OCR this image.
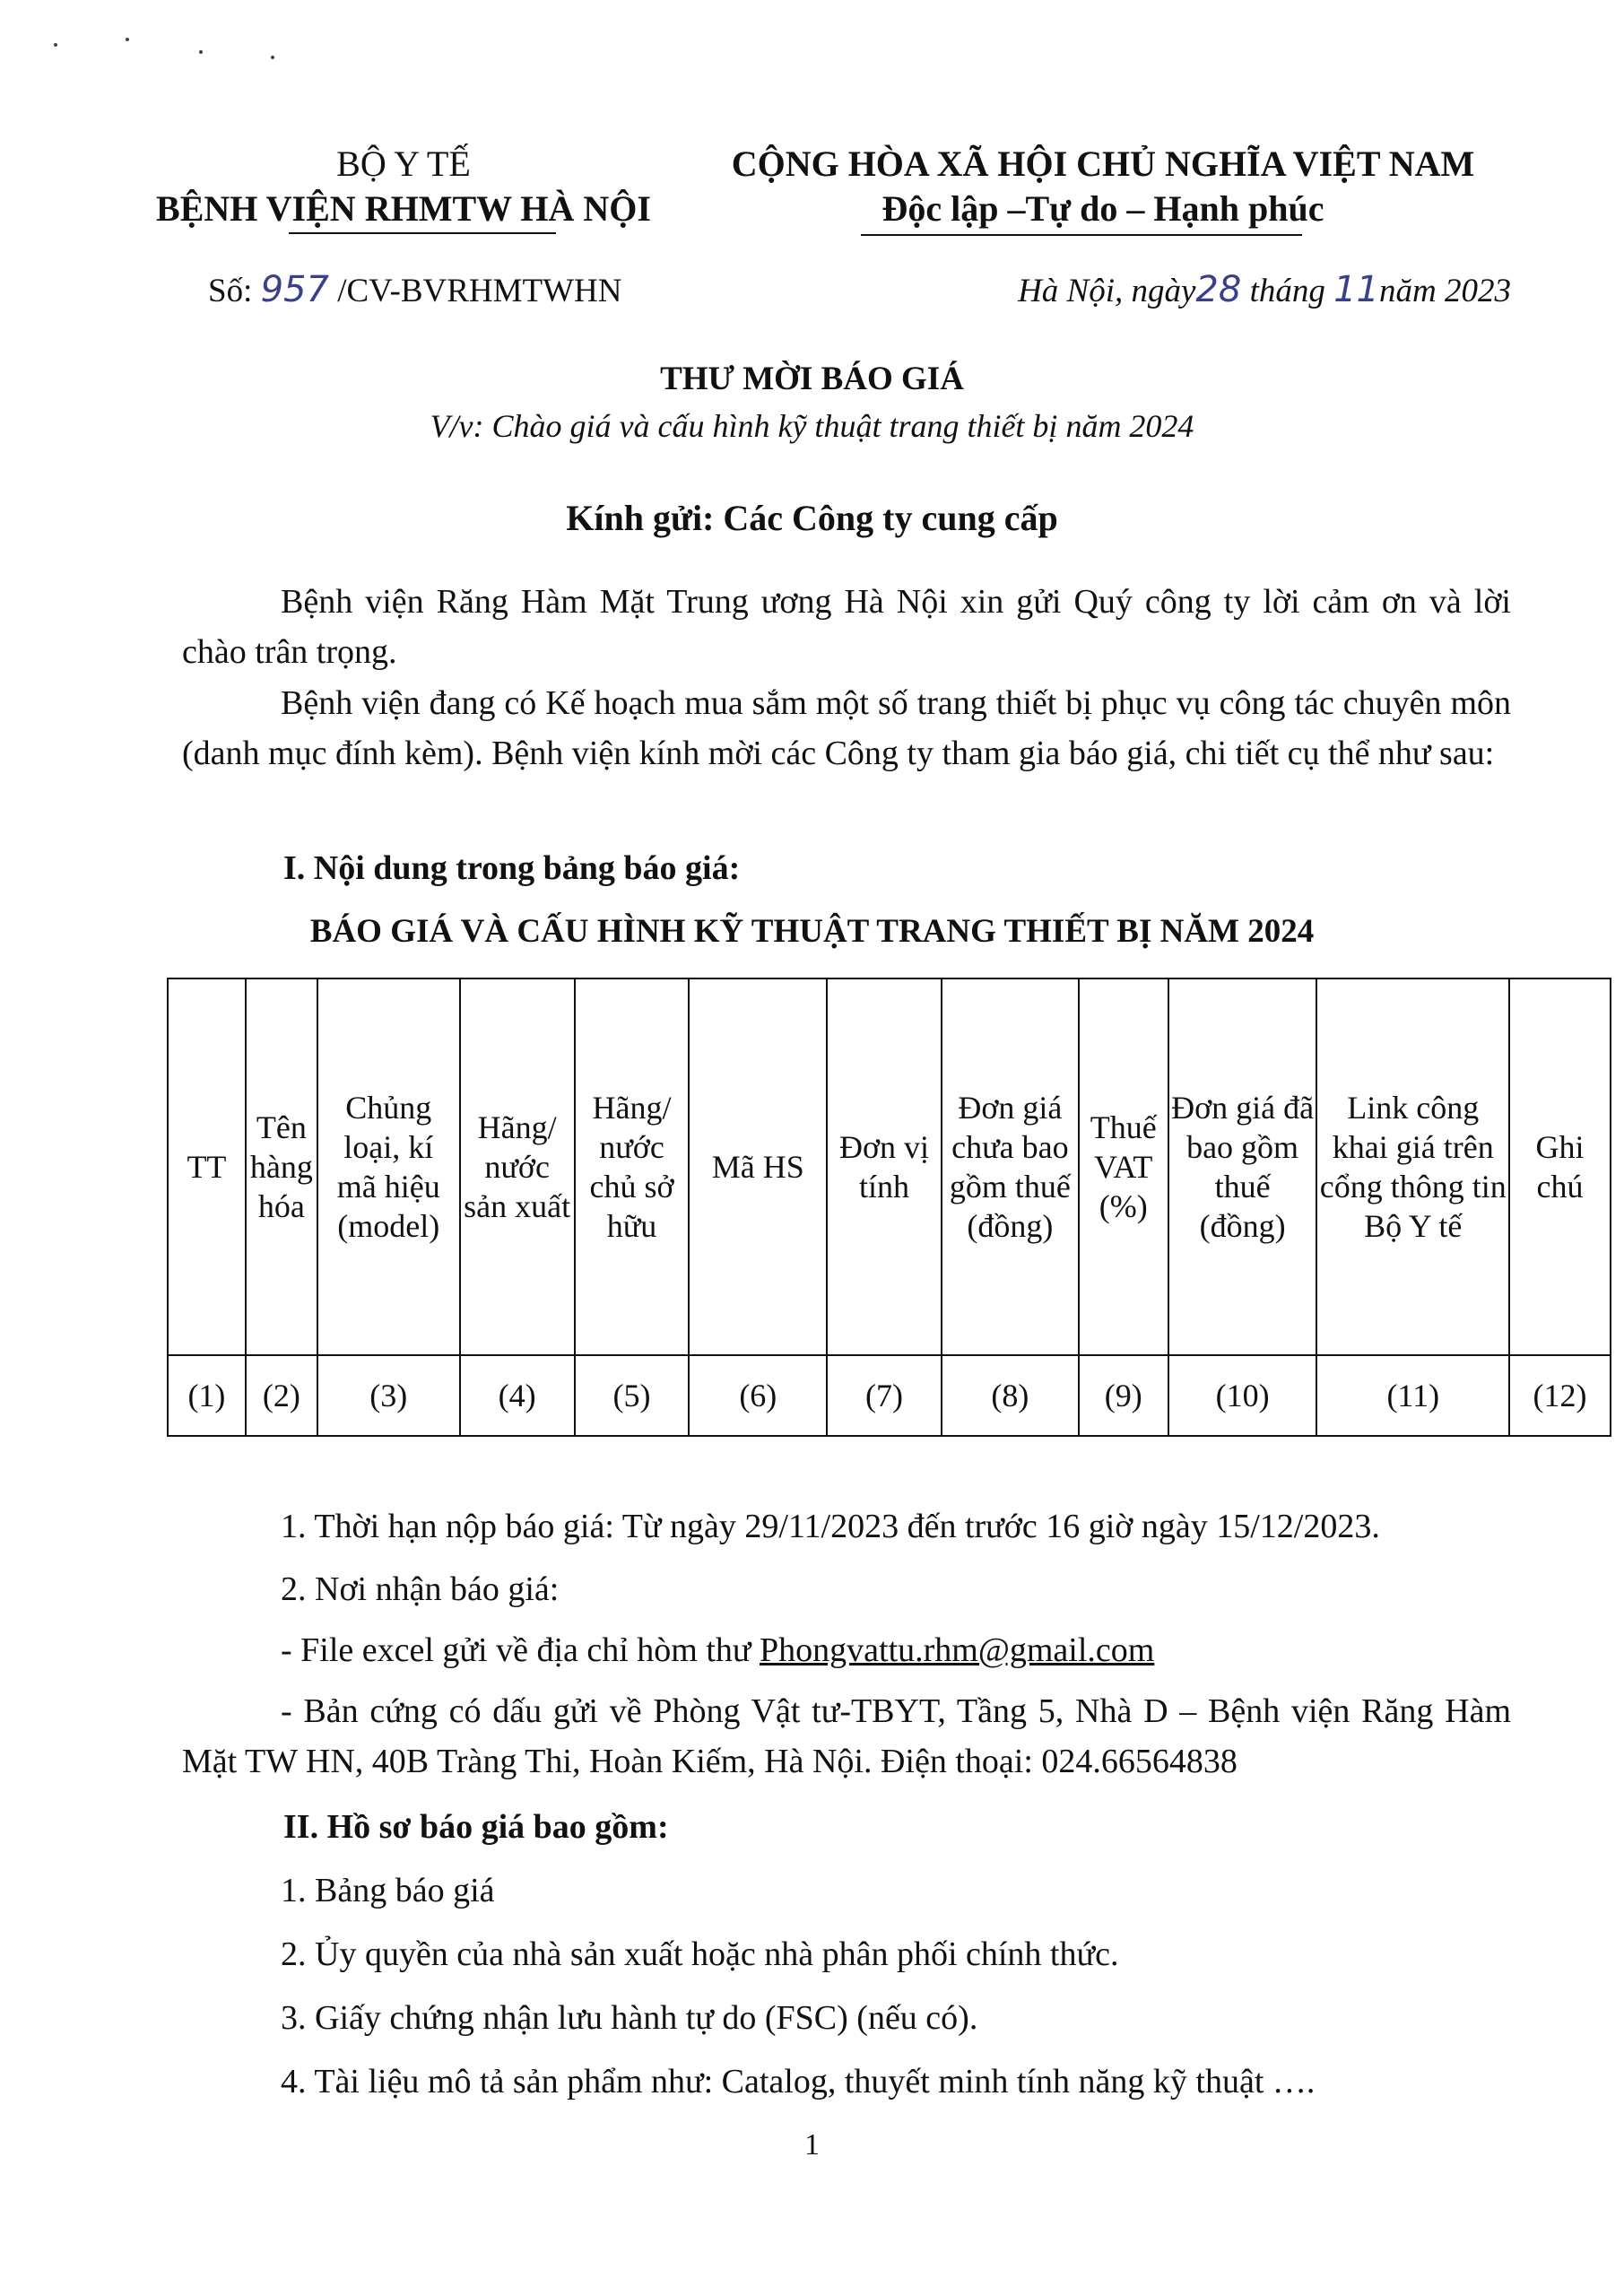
BỘ Y TẾ
BỆNH VIỆN RHMTW HÀ NỘI
CỘNG HÒA XÃ HỘI CHỦ NGHĨA VIỆT NAM
Độc lập –Tự do – Hạnh phúc
Số: 957 /CV-BVRHMTWHN	Hà Nội, ngày28 tháng 11năm 2023
THƯ MỜI BÁO GIÁ
V/v: Chào giá và cấu hình kỹ thuật trang thiết bị năm 2024
Kính gửi: Các Công ty cung cấp
Bệnh viện Răng Hàm Mặt Trung ương Hà Nội xin gửi Quý công ty lời cảm ơn và lời chào trân trọng.
Bệnh viện đang có Kế hoạch mua sắm một số trang thiết bị phục vụ công tác chuyên môn (danh mục đính kèm). Bệnh viện kính mời các Công ty tham gia báo giá, chi tiết cụ thể như sau:
I. Nội dung trong bảng báo giá:
BÁO GIÁ VÀ CẤU HÌNH KỸ THUẬT TRANG THIẾT BỊ NĂM 2024
TT	Tên hàng hóa	Chủng loại, kí mã hiệu (model)	Hãng/ nước sản xuất	Hãng/ nước chủ sở hữu	Mã HS	Đơn vị tính	Đơn giá chưa bao gồm thuế (đồng)	Thuế VAT (%)	Đơn giá đã bao gồm thuế (đồng)	Link công khai giá trên cổng thông tin Bộ Y tế	Ghi chú
(1)	(2)	(3)	(4)	(5)	(6)	(7)	(8)	(9)	(10)	(11)	(12)
1. Thời hạn nộp báo giá: Từ ngày 29/11/2023 đến trước 16 giờ ngày 15/12/2023.
2. Nơi nhận báo giá:
- File excel gửi về địa chỉ hòm thư Phongvattu.rhm@gmail.com
- Bản cứng có dấu gửi về Phòng Vật tư-TBYT, Tầng 5, Nhà D – Bệnh viện Răng Hàm Mặt TW HN, 40B Tràng Thi, Hoàn Kiếm, Hà Nội. Điện thoại: 024.66564838
II. Hồ sơ báo giá bao gồm:
1. Bảng báo giá
2. Ủy quyền của nhà sản xuất hoặc nhà phân phối chính thức.
3. Giấy chứng nhận lưu hành tự do (FSC) (nếu có).
4. Tài liệu mô tả sản phẩm như: Catalog, thuyết minh tính năng kỹ thuật ….
1
